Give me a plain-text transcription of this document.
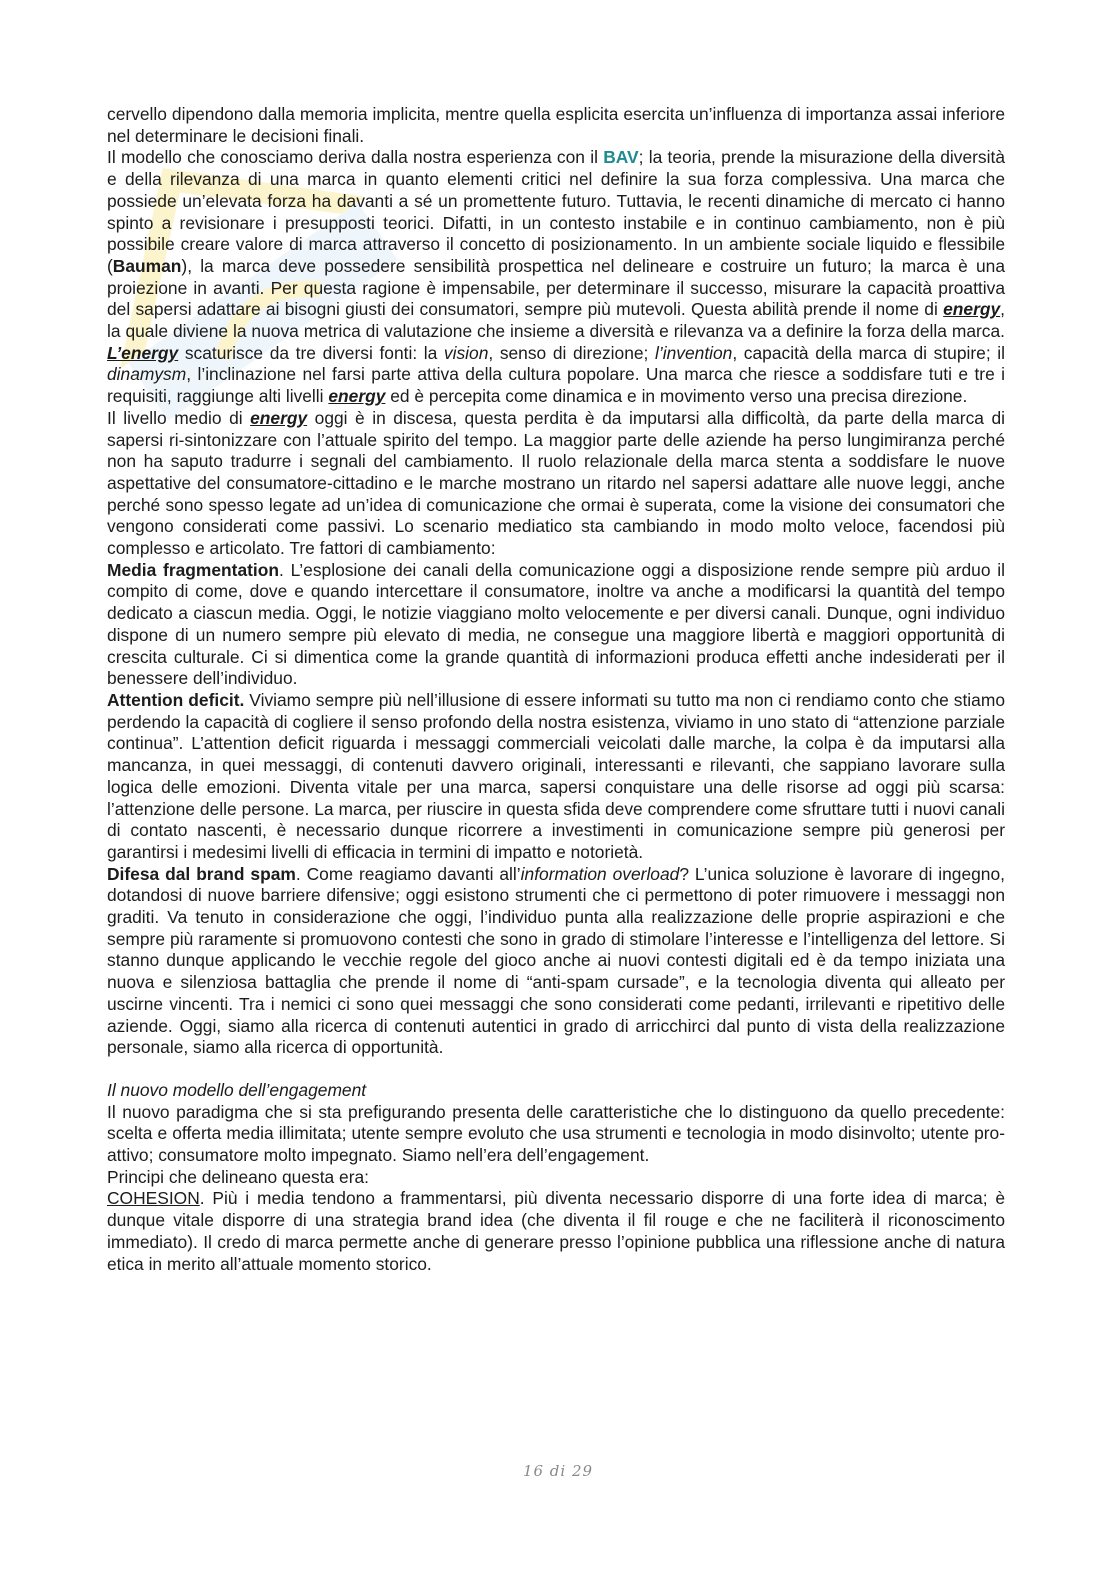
cervello dipendono dalla memoria implicita, mentre quella esplicita esercita un’influenza di importanza assai inferiore nel determinare le decisioni finali.

Il modello che conosciamo deriva dalla nostra esperienza con il BAV; la teoria, prende la misurazione della diversità e della rilevanza di una marca in quanto elementi critici nel definire la sua forza complessiva. Una marca che possiede un’elevata forza ha davanti a sé un promettente futuro. Tuttavia, le recenti dinamiche di mercato ci hanno spinto a revisionare i presupposti teorici. Difatti, in un contesto instabile e in continuo cambiamento, non è più possibile creare valore di marca attraverso il concetto di posizionamento. In un ambiente sociale liquido e flessibile (Bauman), la marca deve possedere sensibilità prospettica nel delineare e costruire un futuro; la marca è una proiezione in avanti. Per questa ragione è impensabile, per determinare il successo, misurare la capacità proattiva del sapersi adattare ai bisogni giusti dei consumatori, sempre più mutevoli. Questa abilità prende il nome di energy, la quale diviene la nuova metrica di valutazione che insieme a diversità e rilevanza va a definire la forza della marca. L’energy scaturisce da tre diversi fonti: la vision, senso di direzione; l’invention, capacità della marca di stupire; il dinamysm, l’inclinazione nel farsi parte attiva della cultura popolare. Una marca che riesce a soddisfare tuti e tre i requisiti, raggiunge alti livelli energy ed è percepita come dinamica e in movimento verso una precisa direzione.

Il livello medio di energy oggi è in discesa, questa perdita è da imputarsi alla difficoltà, da parte della marca di sapersi ri-sintonizzare con l’attuale spirito del tempo. La maggior parte delle aziende ha perso lungimiranza perché non ha saputo tradurre i segnali del cambiamento. Il ruolo relazionale della marca stenta a soddisfare le nuove aspettative del consumatore-cittadino e le marche mostrano un ritardo nel sapersi adattare alle nuove leggi, anche perché sono spesso legate ad un’idea di comunicazione che ormai è superata, come la visione dei consumatori che vengono considerati come passivi. Lo scenario mediatico sta cambiando in modo molto veloce, facendosi più complesso e articolato. Tre fattori di cambiamento:

Media fragmentation. L’esplosione dei canali della comunicazione oggi a disposizione rende sempre più arduo il compito di come, dove e quando intercettare il consumatore, inoltre va anche a modificarsi la quantità del tempo dedicato a ciascun media. Oggi, le notizie viaggiano molto velocemente e per diversi canali. Dunque, ogni individuo dispone di un numero sempre più elevato di media, ne consegue una maggiore libertà e maggiori opportunità di crescita culturale. Ci si dimentica come la grande quantità di informazioni produca effetti anche indesiderati per il benessere dell’individuo.

Attention deficit. Viviamo sempre più nell’illusione di essere informati su tutto ma non ci rendiamo conto che stiamo perdendo la capacità di cogliere il senso profondo della nostra esistenza, viviamo in uno stato di “attenzione parziale continua”. L’attention deficit riguarda i messaggi commerciali veicolati dalle marche, la colpa è da imputarsi alla mancanza, in quei messaggi, di contenuti davvero originali, interessanti e rilevanti, che sappiano lavorare sulla logica delle emozioni. Diventa vitale per una marca, sapersi conquistare una delle risorse ad oggi più scarsa: l’attenzione delle persone. La marca, per riuscire in questa sfida deve comprendere come sfruttare tutti i nuovi canali di contato nascenti, è necessario dunque ricorrere a investimenti in comunicazione sempre più generosi per garantirsi i medesimi livelli di efficacia in termini di impatto e notorietà.

Difesa dal brand spam. Come reagiamo davanti all’information overload? L’unica soluzione è lavorare di ingegno, dotandosi di nuove barriere difensive; oggi esistono strumenti che ci permettono di poter rimuovere i messaggi non graditi. Va tenuto in considerazione che oggi, l’individuo punta alla realizzazione delle proprie aspirazioni e che sempre più raramente si promuovono contesti che sono in grado di stimolare l’interesse e l’intelligenza del lettore. Si stanno dunque applicando le vecchie regole del gioco anche ai nuovi contesti digitali ed è da tempo iniziata una nuova e silenziosa battaglia che prende il nome di “anti-spam cursade”, e la tecnologia diventa qui alleato per uscirne vincenti. Tra i nemici ci sono quei messaggi che sono considerati come pedanti, irrilevanti e ripetitivo delle aziende. Oggi, siamo alla ricerca di contenuti autentici in grado di arricchirci dal punto di vista della realizzazione personale, siamo alla ricerca di opportunità.

Il nuovo modello dell’engagement

Il nuovo paradigma che si sta prefigurando presenta delle caratteristiche che lo distinguono da quello precedente: scelta e offerta media illimitata; utente sempre evoluto che usa strumenti e tecnologia in modo disinvolto; utente pro-attivo; consumatore molto impegnato. Siamo nell’era dell’engagement.

Principi che delineano questa era:

COHESION. Più i media tendono a frammentarsi, più diventa necessario disporre di una forte idea di marca; è dunque vitale disporre di una strategia brand idea (che diventa il fil rouge e che ne faciliterà il riconoscimento immediato). Il credo di marca permette anche di generare presso l’opinione pubblica una riflessione anche di natura etica in merito all’attuale momento storico.

16 di 29
